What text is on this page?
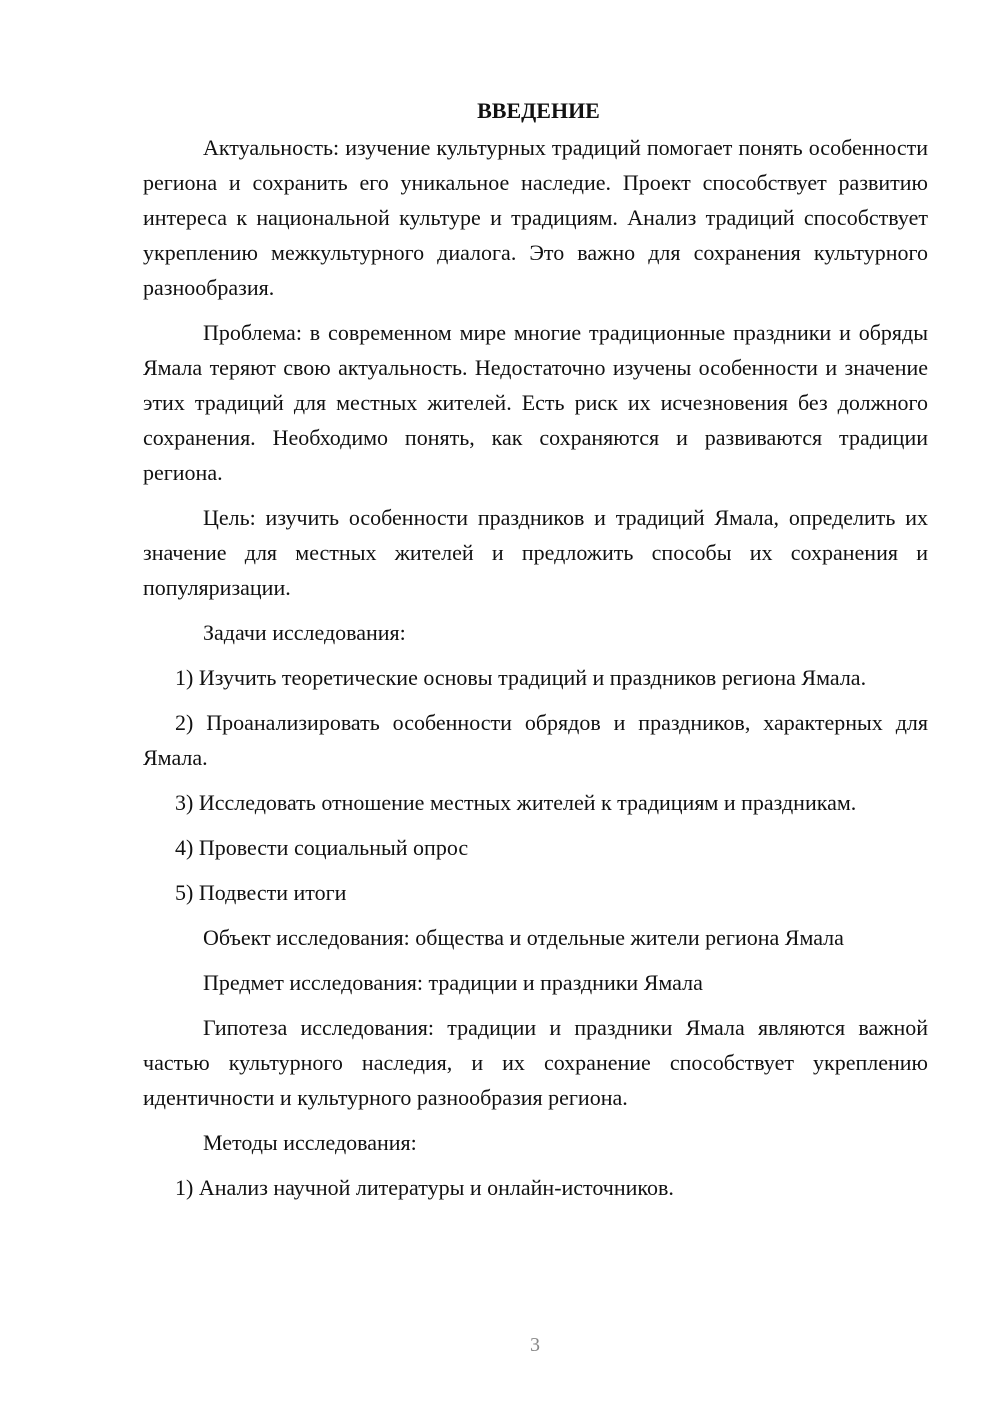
ВВЕДЕНИЕ

Актуальность: изучение культурных традиций помогает понять особенности региона и сохранить его уникальное наследие. Проект способствует развитию интереса к национальной культуре и традициям. Анализ традиций способствует укреплению межкультурного диалога. Это важно для сохранения культурного разнообразия.

Проблема: в современном мире многие традиционные праздники и обряды Ямала теряют свою актуальность. Недостаточно изучены особенности и значение этих традиций для местных жителей. Есть риск их исчезновения без должного сохранения. Необходимо понять, как сохраняются и развиваются традиции региона.

Цель: изучить особенности праздников и традиций Ямала, определить их значение для местных жителей и предложить способы их сохранения и популяризации.

Задачи исследования:

1) Изучить теоретические основы традиций и праздников региона Ямала.

2) Проанализировать особенности обрядов и праздников, характерных для Ямала.

3) Исследовать отношение местных жителей к традициям и праздникам.

4) Провести социальный опрос

5) Подвести итоги

Объект исследования: общества и отдельные жители региона Ямала

Предмет исследования: традиции и праздники Ямала

Гипотеза исследования: традиции и праздники Ямала являются важной частью культурного наследия, и их сохранение способствует укреплению идентичности и культурного разнообразия региона.

Методы исследования:

1) Анализ научной литературы и онлайн-источников.

3
